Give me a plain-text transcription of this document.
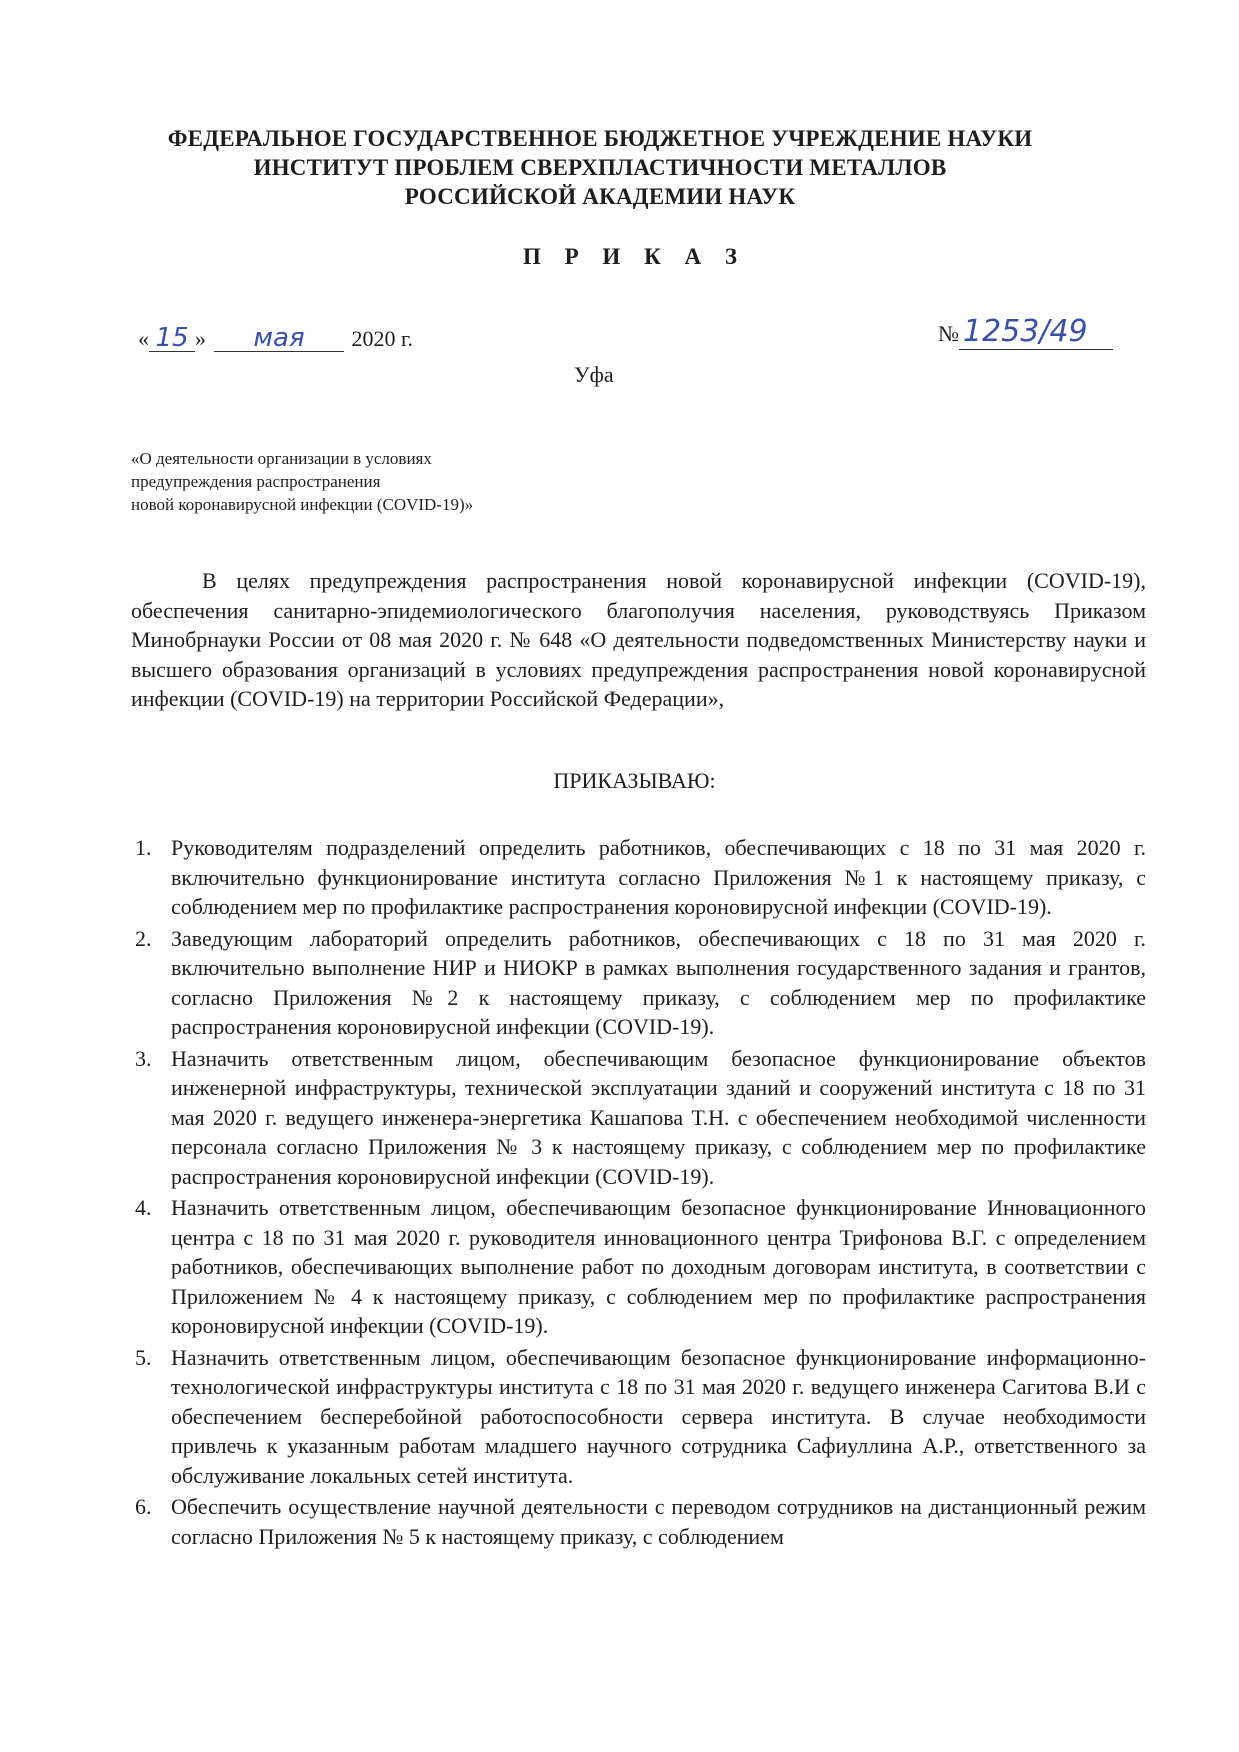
ФЕДЕРАЛЬНОЕ ГОСУДАРСТВЕННОЕ БЮДЖЕТНОЕ УЧРЕЖДЕНИЕ НАУКИ
ИНСТИТУТ ПРОБЛЕМ СВЕРХПЛАСТИЧНОСТИ МЕТАЛЛОВ
РОССИЙСКОЙ АКАДЕМИИ НАУК
П Р И К А З
« 15 » мая 2020 г.	№ 1253/49
Уфа
«О деятельности организации в условиях
предупреждения распространения
новой коронавирусной инфекции (COVID-19)»
В целях предупреждения распространения новой коронавирусной инфекции (COVID-19), обеспечения санитарно-эпидемиологического благополучия населения, руководствуясь Приказом Минобрнауки России от 08 мая 2020 г. № 648 «О деятельности подведомственных Министерству науки и высшего образования организаций в условиях предупреждения распространения новой коронавирусной инфекции (COVID-19) на территории Российской Федерации»,
ПРИКАЗЫВАЮ:
1. Руководителям подразделений определить работников, обеспечивающих с 18 по 31 мая 2020 г. включительно функционирование института согласно Приложения №1 к настоящему приказу, с соблюдением мер по профилактике распространения короновирусной инфекции (COVID-19).
2. Заведующим лабораторий определить работников, обеспечивающих с 18 по 31 мая 2020 г. включительно выполнение НИР и НИОКР в рамках выполнения государственного задания и грантов, согласно Приложения №2 к настоящему приказу, с соблюдением мер по профилактике распространения короновирусной инфекции (COVID-19).
3. Назначить ответственным лицом, обеспечивающим безопасное функционирование объектов инженерной инфраструктуры, технической эксплуатации зданий и сооружений института с 18 по 31 мая 2020 г. ведущего инженера-энергетика Кашапова Т.Н. с обеспечением необходимой численности персонала согласно Приложения № 3 к настоящему приказу, с соблюдением мер по профилактике распространения короновирусной инфекции (COVID-19).
4. Назначить ответственным лицом, обеспечивающим безопасное функционирование Инновационного центра с 18 по 31 мая 2020 г. руководителя инновационного центра Трифонова В.Г. с определением работников, обеспечивающих выполнение работ по доходным договорам института, в соответствии с Приложением № 4 к настоящему приказу, с соблюдением мер по профилактике распространения короновирусной инфекции (COVID-19).
5. Назначить ответственным лицом, обеспечивающим безопасное функционирование информационно-технологической инфраструктуры института с 18 по 31 мая 2020 г. ведущего инженера Сагитова В.И с обеспечением бесперебойной работоспособности сервера института. В случае необходимости привлечь к указанным работам младшего научного сотрудника Сафиуллина А.Р., ответственного за обслуживание локальных сетей института.
6. Обеспечить осуществление научной деятельности с переводом сотрудников на дистанционный режим согласно Приложения № 5 к настоящему приказу, с соблюдением
